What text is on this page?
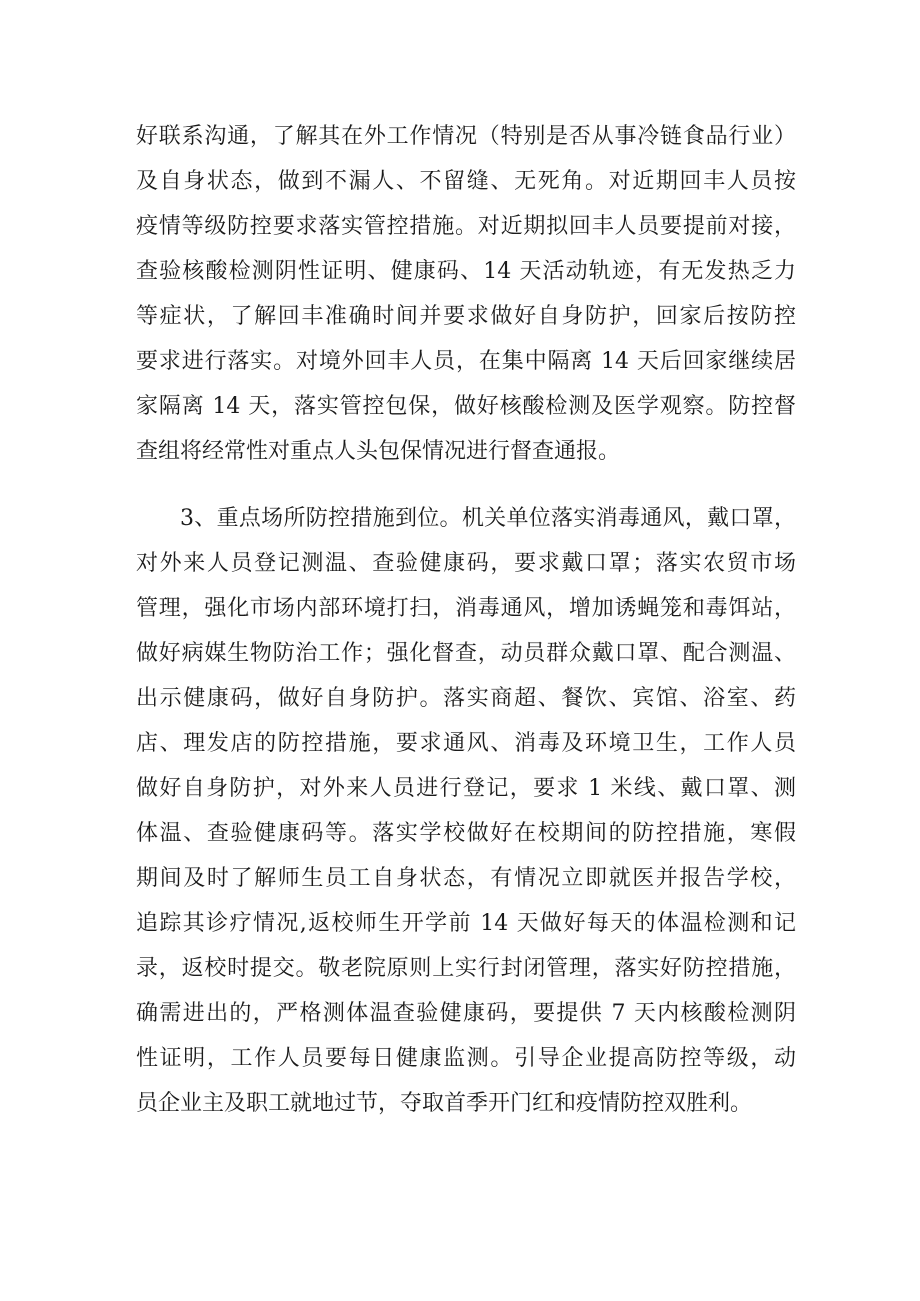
好联系沟通，了解其在外工作情况（特别是否从事冷链食品行业）
及自身状态，做到不漏人、不留缝、无死角。对近期回丰人员按
疫情等级防控要求落实管控措施。对近期拟回丰人员要提前对接，
查验核酸检测阴性证明、健康码、14 天活动轨迹，有无发热乏力
等症状，了解回丰准确时间并要求做好自身防护，回家后按防控
要求进行落实。对境外回丰人员，在集中隔离 14 天后回家继续居
家隔离 14 天，落实管控包保，做好核酸检测及医学观察。防控督
查组将经常性对重点人头包保情况进行督查通报。
3、重点场所防控措施到位。机关单位落实消毒通风，戴口罩，
对外来人员登记测温、查验健康码，要求戴口罩；落实农贸市场
管理，强化市场内部环境打扫，消毒通风，增加诱蝇笼和毒饵站，
做好病媒生物防治工作；强化督查，动员群众戴口罩、配合测温、
出示健康码，做好自身防护。落实商超、餐饮、宾馆、浴室、药
店、理发店的防控措施，要求通风、消毒及环境卫生，工作人员
做好自身防护，对外来人员进行登记，要求 1 米线、戴口罩、测
体温、查验健康码等。落实学校做好在校期间的防控措施，寒假
期间及时了解师生员工自身状态，有情况立即就医并报告学校，
追踪其诊疗情况,返校师生开学前 14 天做好每天的体温检测和记
录，返校时提交。敬老院原则上实行封闭管理，落实好防控措施，
确需进出的，严格测体温查验健康码，要提供 7 天内核酸检测阴
性证明，工作人员要每日健康监测。引导企业提高防控等级，动
员企业主及职工就地过节，夺取首季开门红和疫情防控双胜利。
